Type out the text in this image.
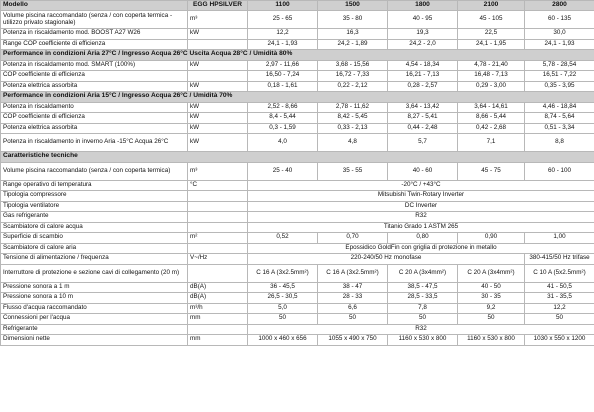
Modello	EGG HPSILVER	1100	1500	1800	2100	2800
Volume piscina raccomandato (senza / con coperta termica - utilizzo privato stagionale)	m³	25 - 65	35 - 80	40 - 95	45 - 105	60 - 135
Potenza in riscaldamento mod. BOOST A27 W26	kW	12,2	16,3	19,3	22,5	30,0
Range COP coefficiente di efficienza		24,1 - 1,93	24,2 - 1,89	24,2 - 2,0	24,1 - 1,95	24,1 - 1,93
Performance in condizioni Aria 27°C / Ingresso Acqua 26°C Uscita Acqua 28°C / Umidità 80%						
Potenza in riscaldamento mod. SMART (100%)	kW	2,97 - 11,66	3,68 - 15,56	4,54 - 18,34	4,78 - 21,40	5,78 - 28,54
COP coefficiente di efficienza		16,50 - 7,24	16,72 - 7,33	16,21 - 7,13	16,48 - 7,13	16,51 - 7,22
Potenza elettrica assorbita	kW	0,18 - 1,61	0,22 - 2,12	0,28 - 2,57	0,29 - 3,00	0,35 - 3,95
Performance in condizioni Aria 15°C / Ingresso Acqua 26°C / Umidità 70%						
Potenza in riscaldamento	kW	2,52 - 8,66	2,78 - 11,62	3,64 - 13,42	3,64 - 14,61	4,46 - 18,84
COP coefficiente di efficienza	kW	8,4 - 5,44	8,42 - 5,45	8,27 - 5,41	8,66 - 5,44	8,74 - 5,64
Potenza elettrica assorbita	kW	0,3 - 1,59	0,33 - 2,13	0,44 - 2,48	0,42 - 2,68	0,51 - 3,34
Potenza in riscaldamento in inverno Aria -15°C Acqua 26°C	kW	4,0	4,8	5,7	7,1	8,8
Caratteristiche tecniche						
Volume piscina raccomandato (senza / con coperta termica)	m³	25 - 40	35 - 55	40 - 60	45 - 75	60 - 100
Range operativo di temperatura	°C	-20°C / +43°C				
Tipologia compressore		Mitsubishi Twin-Rotary Inverter				
Tipologia ventilatore		DC Inverter				
Gas refrigerante		R32				
Scambiatore di calore acqua		Titanio Grado 1 ASTM 265				
Superficie di scambio	m²	0,52	0,70	0,80	0,90	1,00
Scambiatore di calore aria		Epossidico GoldFin con griglia di protezione in metallo				
Tensione di alimentazione / frequenza	V~/Hz	220-240/50 Hz monofase				380-415/50 Hz trifase
Interruttore di protezione e sezione cavi di collegamento (20 m)		C 16 A (3x2.5mm²)	C 16 A (3x2.5mm²)	C 20 A (3x4mm²)	C 20 A (3x4mm²)	C 10 A (5x2.5mm²)
Pressione sonora a 1 m	dB(A)	36 - 45,5	38 - 47	38,5 - 47,5	40 - 50	41 - 50,5
Pressione sonora a 10 m	dB(A)	26,5 - 30,5	28 - 33	28,5 - 33,5	30 - 35	31 - 35,5
Flusso d'acqua raccomandato	m³/h	5,0	6,6	7,8	9,2	12,2
Connessioni per l'acqua	mm	50	50	50	50	50
Refrigerante		R32				
Dimensioni nette	mm	1000 x 460 x 656	1055 x 490 x 750	1160 x 530 x 800	1160 x 530 x 800	1030 x 550 x 1200
